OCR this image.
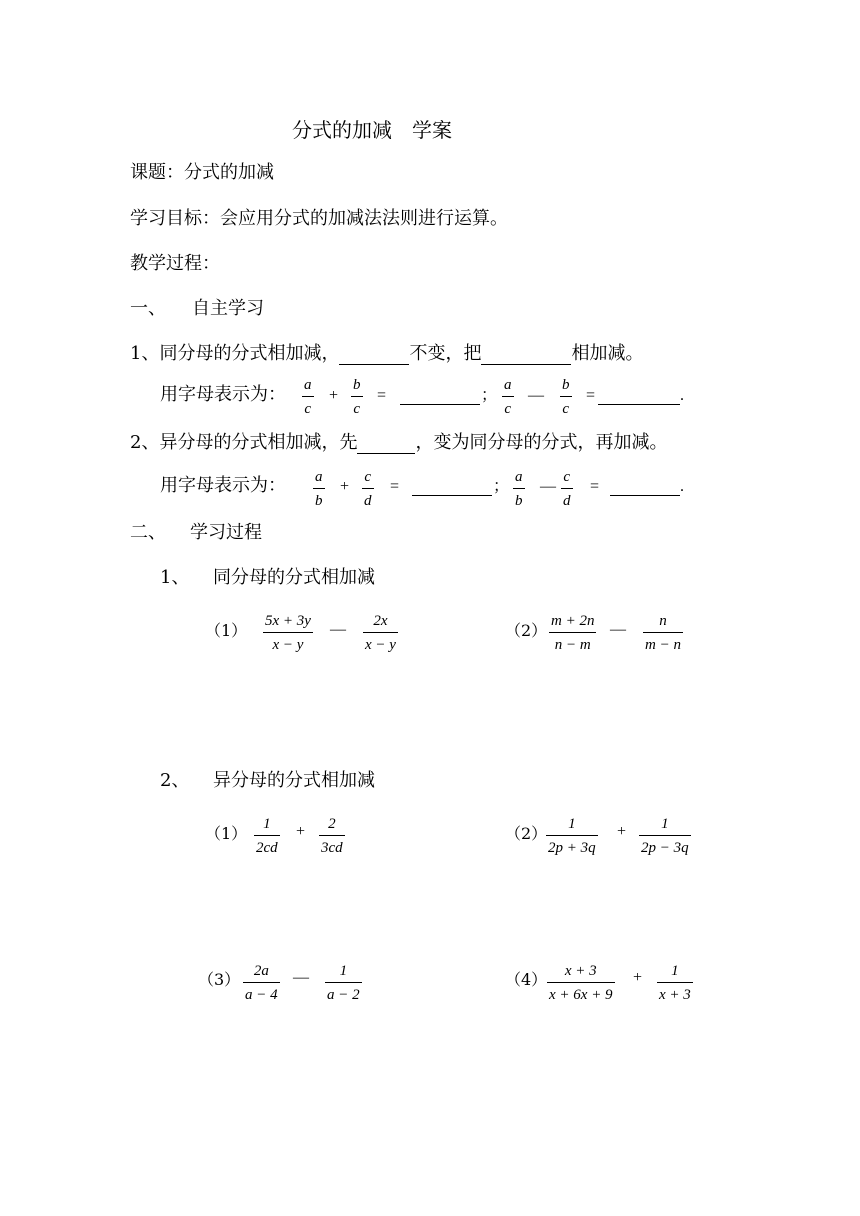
分式的加减　学案
课题：分式的加减
学习目标：会应用分式的加减法法则进行运算。
教学过程：
一、 自主学习
1、同分母的分式相加减，	不变，把	相加减。
用字母表示为： a
c
+
b
c
=	；
a
c
—
b
c
=	.
2、异分母的分式相加减，先	，变为同分母的分式，再加减。
用字母表示为： a
b
+
c
d
=	；
a
b
—
c
d
=	.
二、 学习过程
1、 同分母的分式相加减
（1） 5x + 3y
x − y
— 2x
x − y
（2） m + 2n
n − m
— n
m − n
2、 异分母的分式相加减
（1） 1
2cd
+ 2
3cd
（2） 1
2p + 3q
+ 1
2p − 3q
（3） 2a
a − 4
— 1
a − 2
（4） x + 3
x + 6x + 9
+ 1
x + 3
